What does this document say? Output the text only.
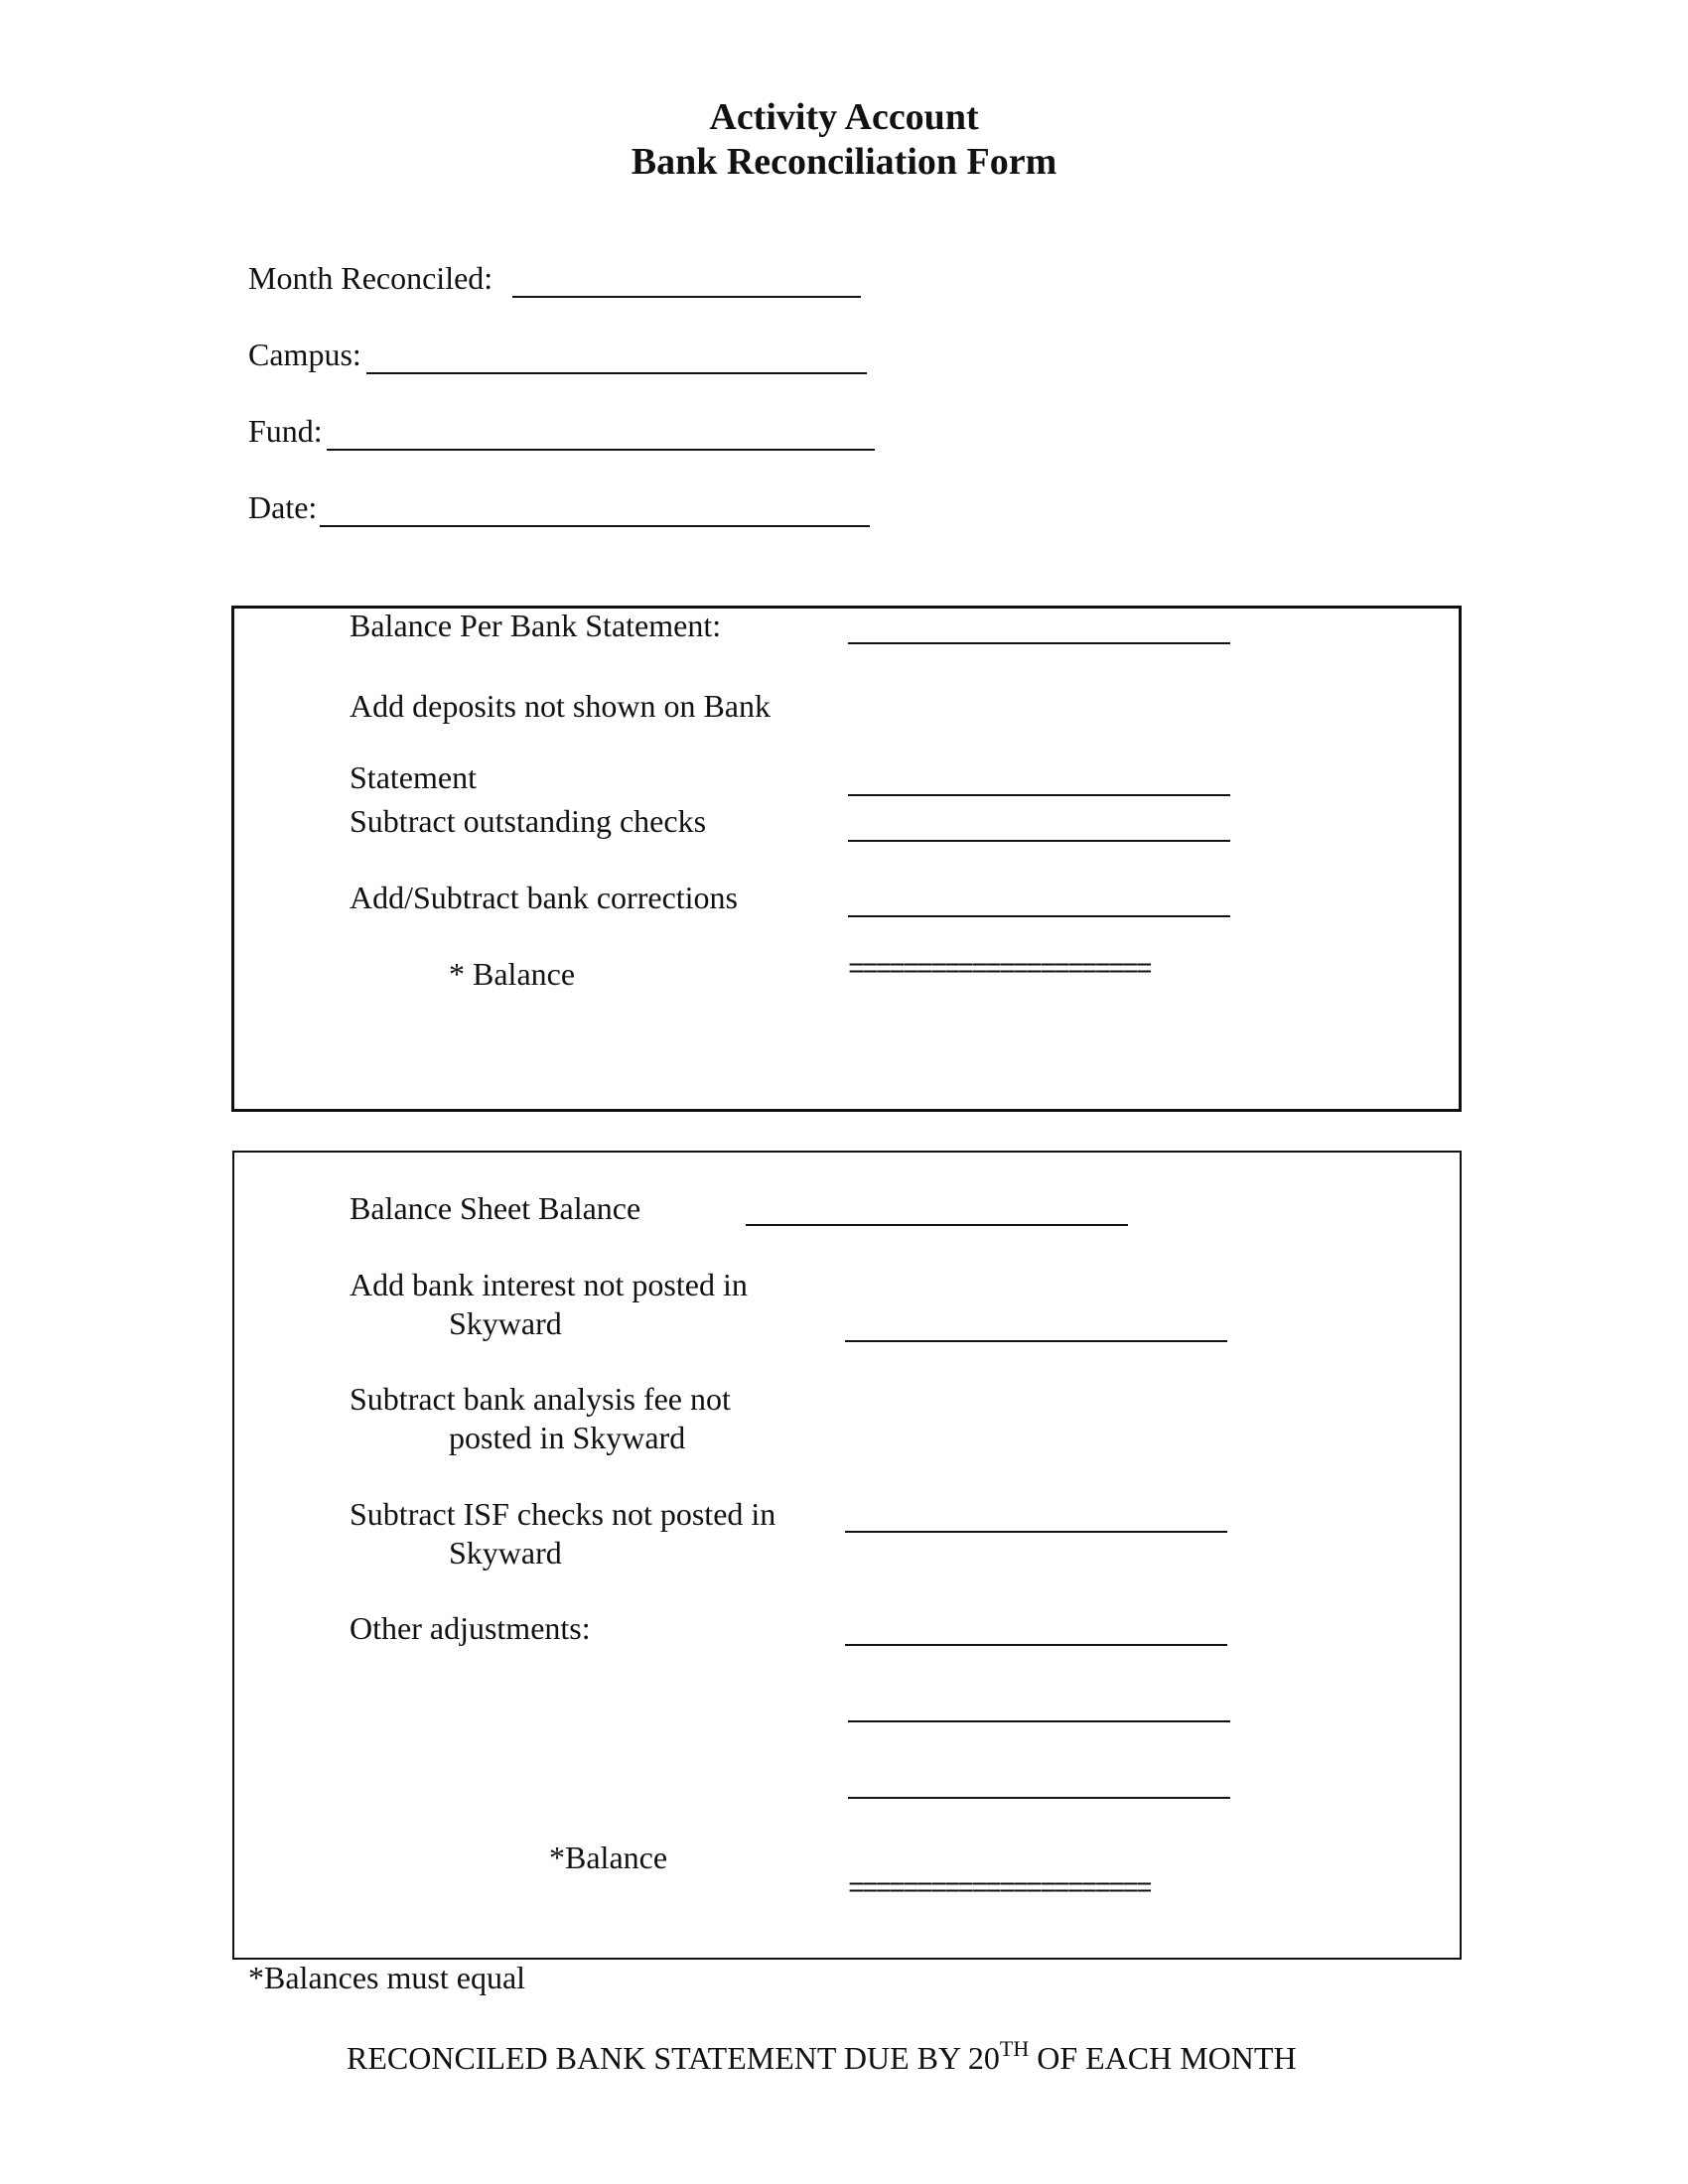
Activity Account
Bank Reconciliation Form
Month Reconciled:
Campus:
Fund:
Date:
Balance Per Bank Statement:
Add deposits not shown on Bank
Statement
Subtract outstanding checks
Add/Subtract bank corrections
* Balance	======================
Balance Sheet Balance
Add bank interest not posted in
Skyward
Subtract bank analysis fee not
posted in Skyward
Subtract ISF checks not posted in
Skyward
Other adjustments:
*Balance
======================
*Balances must equal
RECONCILED BANK STATEMENT DUE BY 20TH OF EACH MONTH
